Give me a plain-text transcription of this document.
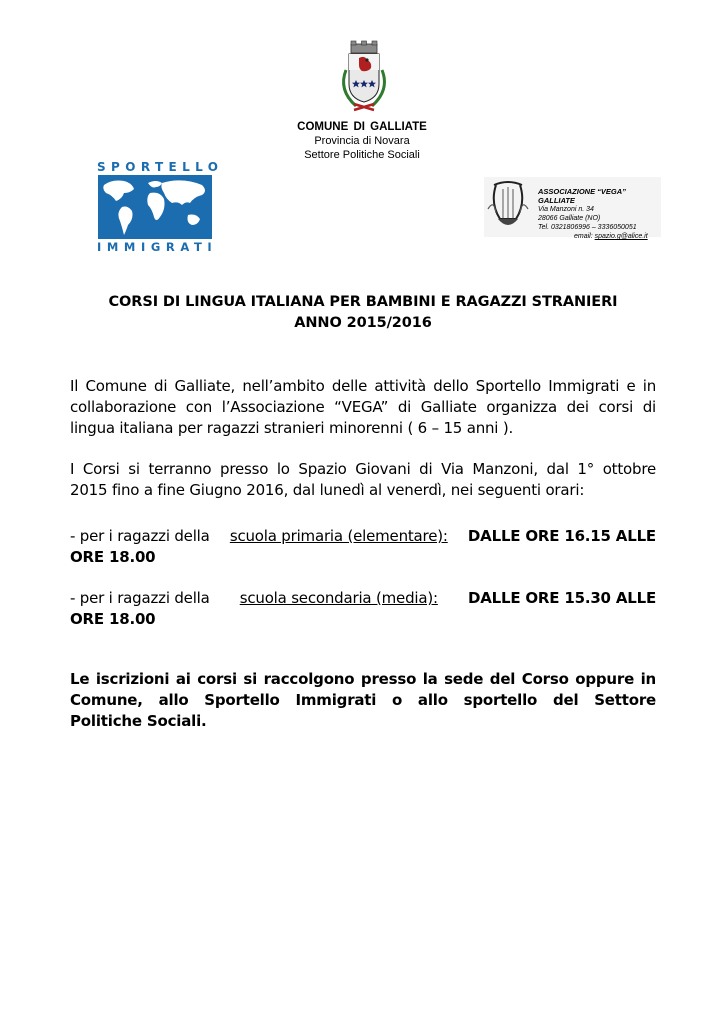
COMUNE DI GALLIATE
Provincia di Novara
Settore Politiche Sociali
SPORTELLO
IMMIGRATI
ASSOCIAZIONE “VEGA” GALLIATE
Via Manzoni n. 34
28066 Galliate (NO)
Tel. 0321806996 – 3336050051
email: spazio.g@alice.it
CORSI DI LINGUA ITALIANA PER BAMBINI E RAGAZZI STRANIERI
ANNO 2015/2016
Il Comune di Galliate, nell’ambito delle attività dello Sportello Immigrati e in
collaborazione con l’Associazione “VEGA” di Galliate organizza dei corsi di
lingua italiana per ragazzi stranieri minorenni ( 6 – 15 anni ).
I Corsi si terranno presso lo Spazio Giovani di Via Manzoni, dal 1° ottobre
2015 fino a fine Giugno 2016, dal lunedì al venerdì, nei seguenti orari:
- per i ragazzi della scuola primaria (elementare): DALLE ORE 16.15 ALLE
ORE 18.00
- per i ragazzi della scuola secondaria (media): DALLE ORE 15.30 ALLE
ORE 18.00
Le iscrizioni ai corsi si raccolgono presso la sede del Corso oppure in
Comune, allo Sportello Immigrati o allo sportello del Settore
Politiche Sociali.
